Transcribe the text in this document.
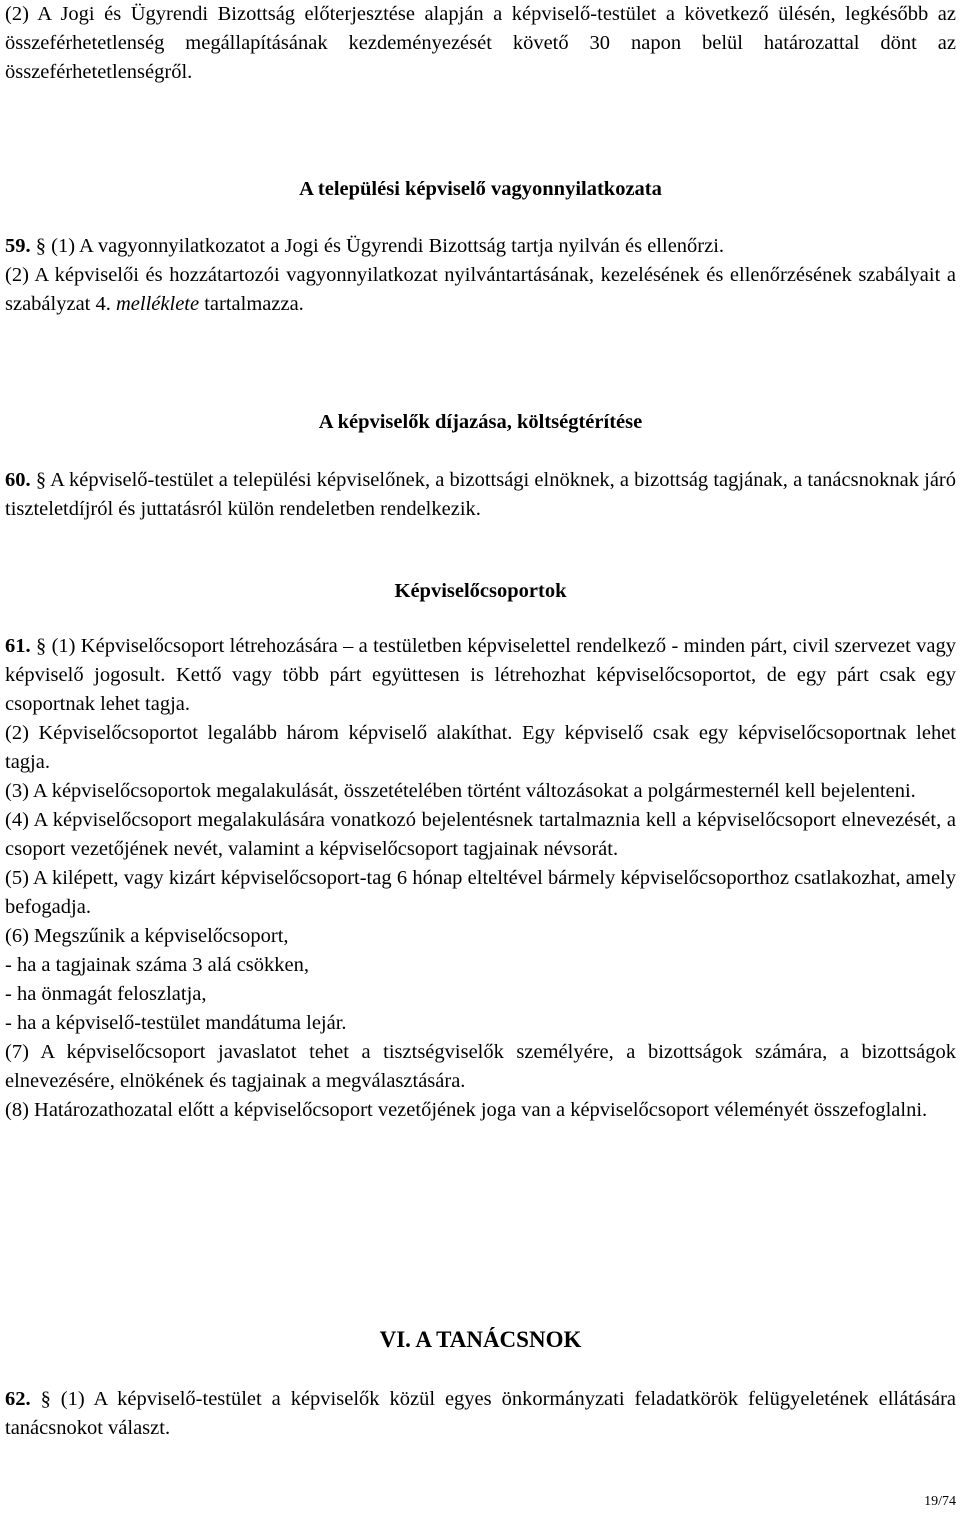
(2) A Jogi és Ügyrendi Bizottság előterjesztése alapján a képviselő-testület a következő ülésén, legkésőbb az összeférhetetlenség megállapításának kezdeményezését követő 30 napon belül határozattal dönt az összeférhetetlenségről.

A települési képviselő vagyonnyilatkozata

59. § (1) A vagyonnyilatkozatot a Jogi és Ügyrendi Bizottság tartja nyilván és ellenőrzi.

(2) A képviselői és hozzátartozói vagyonnyilatkozat nyilvántartásának, kezelésének és ellenőrzésének szabályait a szabályzat 4. melléklete tartalmazza.

A képviselők díjazása, költségtérítése

60. § A képviselő-testület a települési képviselőnek, a bizottsági elnöknek, a bizottság tagjának, a tanácsnoknak járó tiszteletdíjról és juttatásról külön rendeletben rendelkezik.

Képviselőcsoportok

61. § (1) Képviselőcsoport létrehozására – a testületben képviselettel rendelkező - minden párt, civil szervezet vagy képviselő jogosult. Kettő vagy több párt együttesen is létrehozhat képviselőcsoportot, de egy párt csak egy csoportnak lehet tagja.

(2) Képviselőcsoportot legalább három képviselő alakíthat. Egy képviselő csak egy képviselőcsoportnak lehet tagja.

(3) A képviselőcsoportok megalakulását, összetételében történt változásokat a polgármesternél kell bejelenteni.

(4) A képviselőcsoport megalakulására vonatkozó bejelentésnek tartalmaznia kell a képviselőcsoport elnevezését, a csoport vezetőjének nevét, valamint a képviselőcsoport tagjainak névsorát.

(5) A kilépett, vagy kizárt képviselőcsoport-tag 6 hónap elteltével bármely képviselőcsoporthoz csatlakozhat, amely befogadja.

(6) Megszűnik a képviselőcsoport,

- ha a tagjainak száma 3 alá csökken,

- ha önmagát feloszlatja,

- ha a képviselő-testület mandátuma lejár.

(7) A képviselőcsoport javaslatot tehet a tisztségviselők személyére, a bizottságok számára, a bizottságok elnevezésére, elnökének és tagjainak a megválasztására.

(8) Határozathozatal előtt a képviselőcsoport vezetőjének joga van a képviselőcsoport véleményét összefoglalni.

VI. A TANÁCSNOK

62. § (1) A képviselő-testület a képviselők közül egyes önkormányzati feladatkörök felügyeletének ellátására tanácsnokot választ.

19/74
